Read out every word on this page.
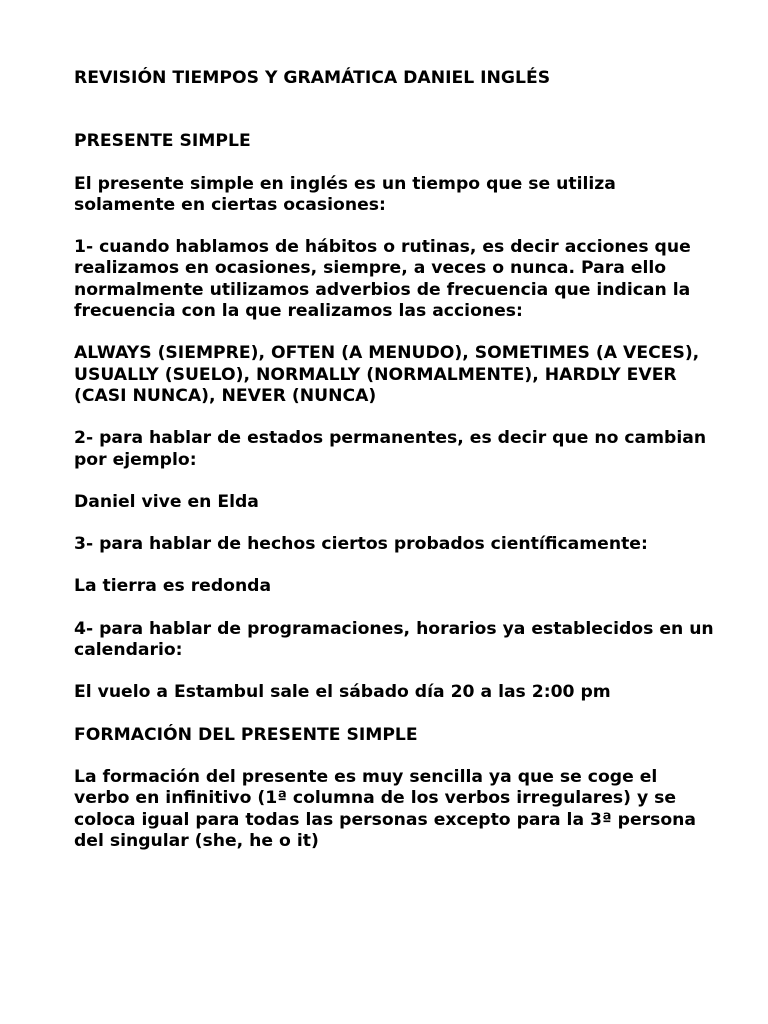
REVISIÓN TIEMPOS Y GRAMÁTICA DANIEL INGLÉS

PRESENTE SIMPLE

El presente simple en inglés es un tiempo que se utiliza solamente en ciertas ocasiones:

1- cuando hablamos de hábitos o rutinas, es decir acciones que realizamos en ocasiones, siempre, a veces o nunca. Para ello normalmente utilizamos adverbios de frecuencia que indican la frecuencia con la que realizamos las acciones:

ALWAYS (SIEMPRE), OFTEN (A MENUDO), SOMETIMES (A VECES), USUALLY (SUELO), NORMALLY (NORMALMENTE), HARDLY EVER (CASI NUNCA), NEVER (NUNCA)

2- para hablar de estados permanentes, es decir que no cambian por ejemplo:

Daniel vive en Elda

3- para hablar de hechos ciertos probados científicamente:

La tierra es redonda

4- para hablar de programaciones, horarios ya establecidos en un calendario:

El vuelo a Estambul sale el sábado día 20 a las 2:00 pm

FORMACIÓN DEL PRESENTE SIMPLE

La formación del presente es muy sencilla ya que se coge el verbo en infinitivo (1ª columna de los verbos irregulares) y se coloca igual para todas las personas excepto para la 3ª persona del singular (she, he o it)
